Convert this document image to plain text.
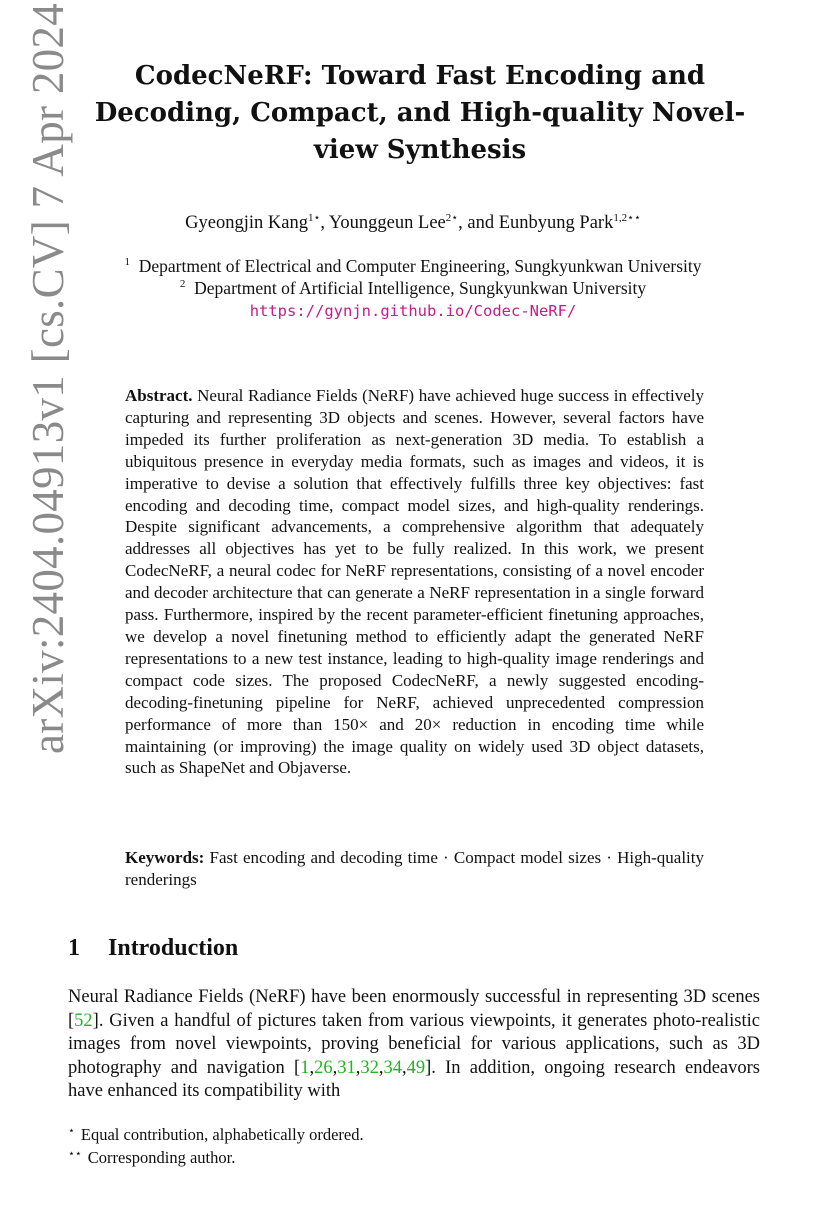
arXiv:2404.04913v1 [cs.CV] 7 Apr 2024	CodecNeRF: Toward Fast Encoding and Decoding, Compact, and High-quality Novel-view Synthesis
Gyeongjin Kang$^{1⋆}$, Younggeun Lee$^{2⋆}$, and Eunbyung Park$^{1,2⋆⋆}$
$^1$ Department of Electrical and Computer Engineering, Sungkyunkwan University
$^2$ Department of Artificial Intelligence, Sungkyunkwan University
https://gynjn.github.io/Codec-NeRF/
Abstract. Neural Radiance Fields (NeRF) have achieved huge success in effectively capturing and representing 3D objects and scenes. However, several factors have impeded its further proliferation as next-generation 3D media. To establish a ubiquitous presence in everyday media formats, such as images and videos, it is imperative to devise a solution that effectively fulfills three key objectives: fast encoding and decoding time, compact model sizes, and high-quality renderings. Despite significant advancements, a comprehensive algorithm that adequately addresses all objectives has yet to be fully realized. In this work, we present CodecNeRF, a neural codec for NeRF representations, consisting of a novel encoder and decoder architecture that can generate a NeRF representation in a single forward pass. Furthermore, inspired by the recent parameter-efficient finetuning approaches, we develop a novel finetuning method to efficiently adapt the generated NeRF representations to a new test instance, leading to high-quality image renderings and compact code sizes. The proposed CodecNeRF, a newly suggested encoding-decoding-finetuning pipeline for NeRF, achieved unprecedented compression performance of more than 150× and 20× reduction in encoding time while maintaining (or improving) the image quality on widely used 3D object datasets, such as ShapeNet and Objaverse.
Keywords: Fast encoding and decoding time · Compact model sizes · High-quality renderings
1 Introduction
Neural Radiance Fields (NeRF) have been enormously successful in representing 3D scenes [52]. Given a handful of pictures taken from various viewpoints, it generates photo-realistic images from novel viewpoints, proving beneficial for various applications, such as 3D photography and navigation [1,26,31,32,34,49]. In addition, ongoing research endeavors have enhanced its compatibility with
⋆ Equal contribution, alphabetically ordered.
⋆⋆ Corresponding author.
